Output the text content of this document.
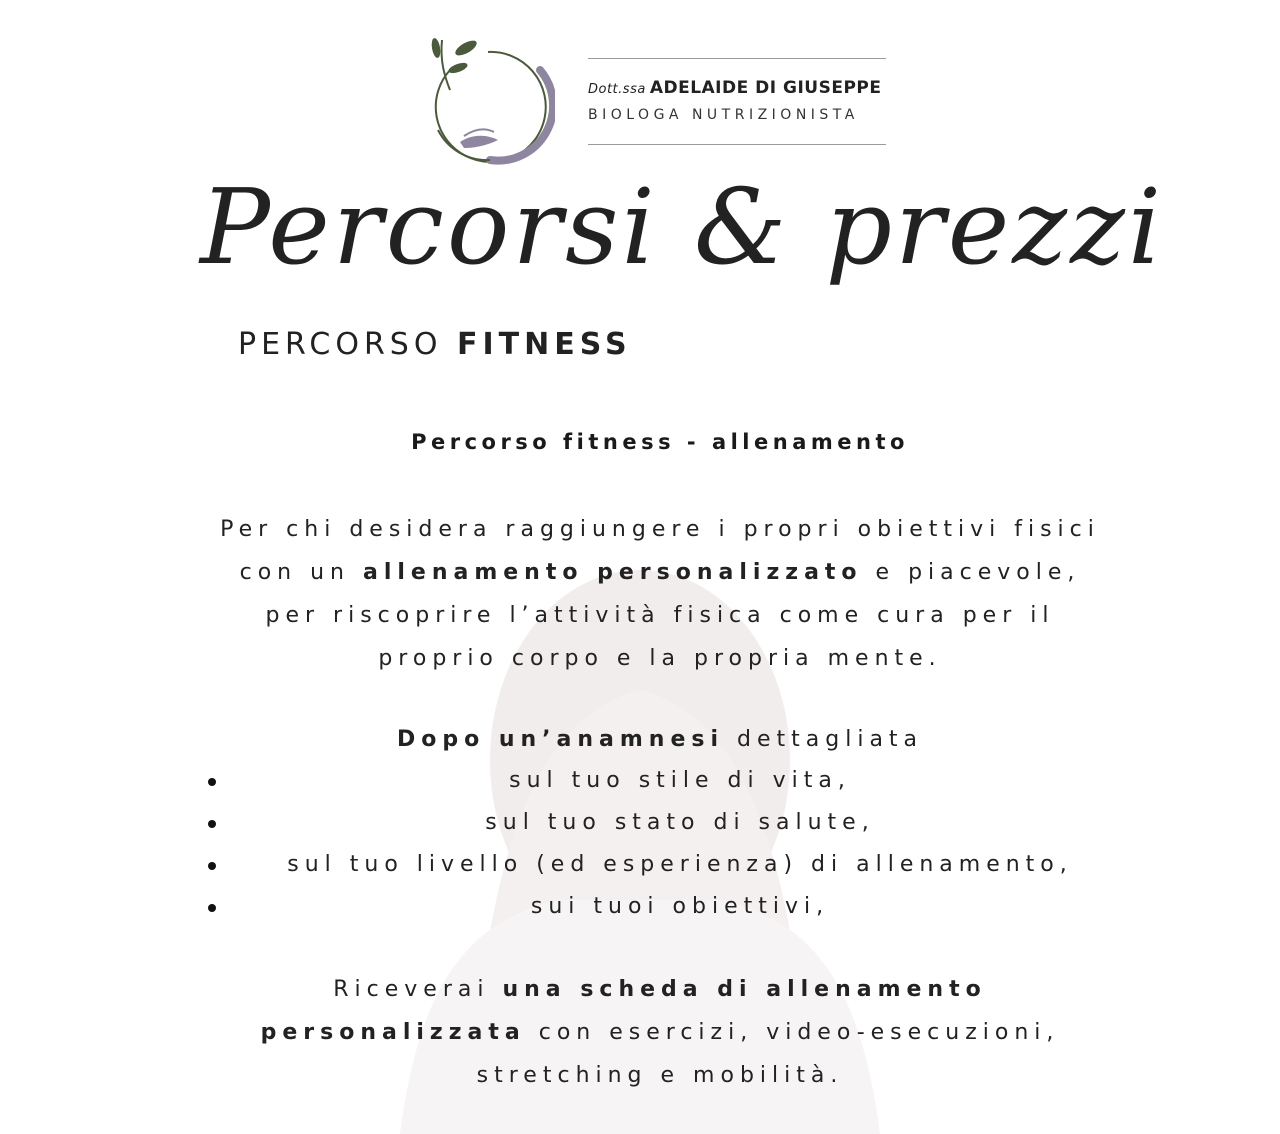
Dott.ssa ADELAIDE DI GIUSEPPE
BIOLOGA NUTRIZIONISTA
Percorsi & prezzi
PERCORSO FITNESS
Percorso fitness - allenamento
Per chi desidera raggiungere i propri obiettivi fisici con un allenamento personalizzato e piacevole, per riscoprire l’attività fisica come cura per il proprio corpo e la propria mente.
Dopo un’anamnesi dettagliata
sul tuo stile di vita,
sul tuo stato di salute,
sul tuo livello (ed esperienza) di allenamento,
sui tuoi obiettivi,
Riceverai una scheda di allenamento personalizzata con esercizi, video-esecuzioni, stretching e mobilità.
